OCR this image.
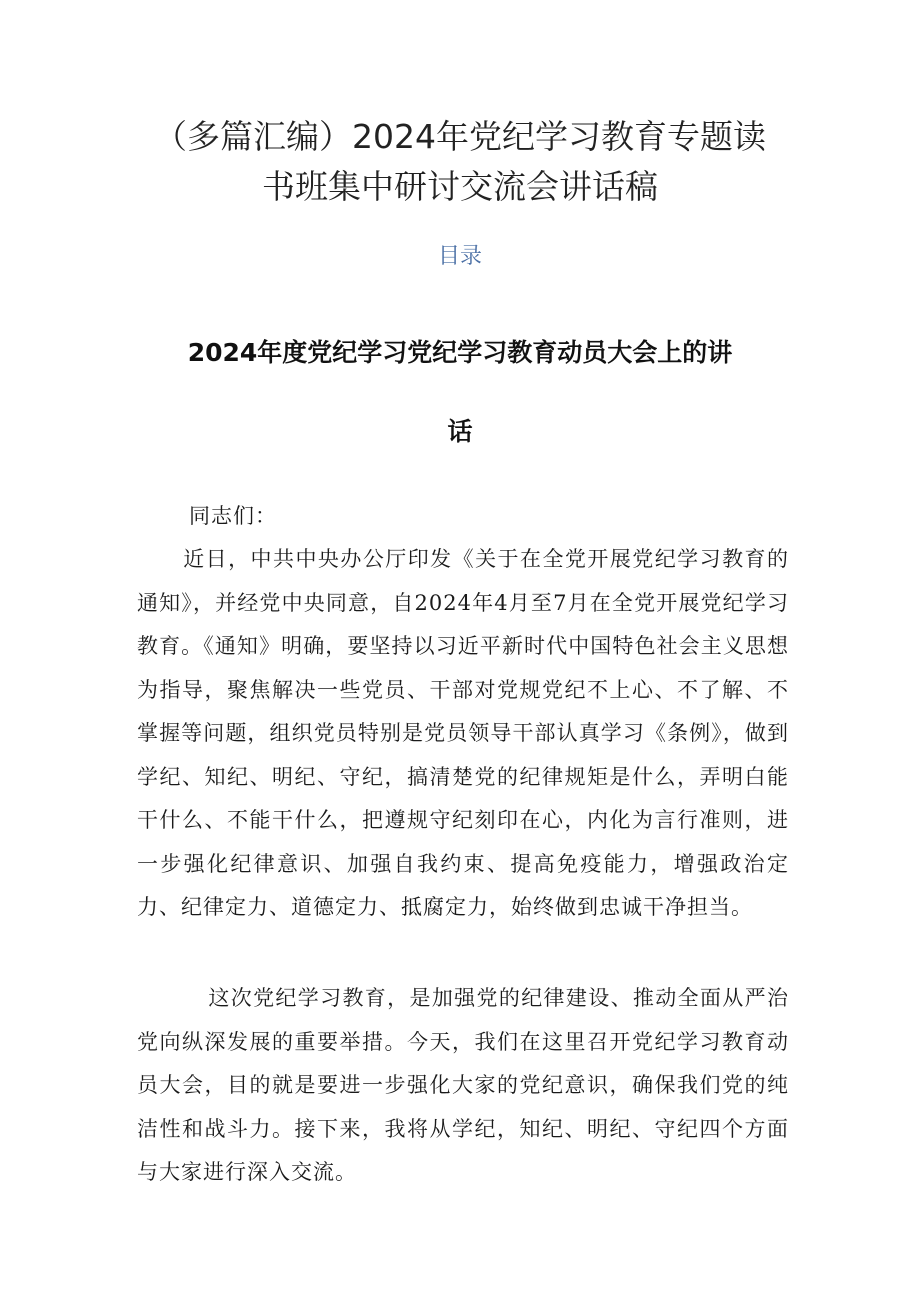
（多篇汇编）2024年党纪学习教育专题读
书班集中研讨交流会讲话稿
目录
2024年度党纪学习党纪学习教育动员大会上的讲
话

同志们：

近日，中共中央办公厅印发《关于在全党开展党纪学习教育的通知》，并经党中央同意，自2024年4月至7月在全党开展党纪学习教育。《通知》明确，要坚持以习近平新时代中国特色社会主义思想为指导，聚焦解决一些党员、干部对党规党纪不上心、不了解、不掌握等问题，组织党员特别是党员领导干部认真学习《条例》，做到学纪、知纪、明纪、守纪，搞清楚党的纪律规矩是什么，弄明白能干什么、不能干什么，把遵规守纪刻印在心，内化为言行准则，进一步强化纪律意识、加强自我约束、提高免疫能力，增强政治定力、纪律定力、道德定力、抵腐定力，始终做到忠诚干净担当。

这次党纪学习教育，是加强党的纪律建设、推动全面从严治党向纵深发展的重要举措。今天，我们在这里召开党纪学习教育动员大会，目的就是要进一步强化大家的党纪意识，确保我们党的纯洁性和战斗力。接下来，我将从学纪，知纪、明纪、守纪四个方面与大家进行深入交流。
